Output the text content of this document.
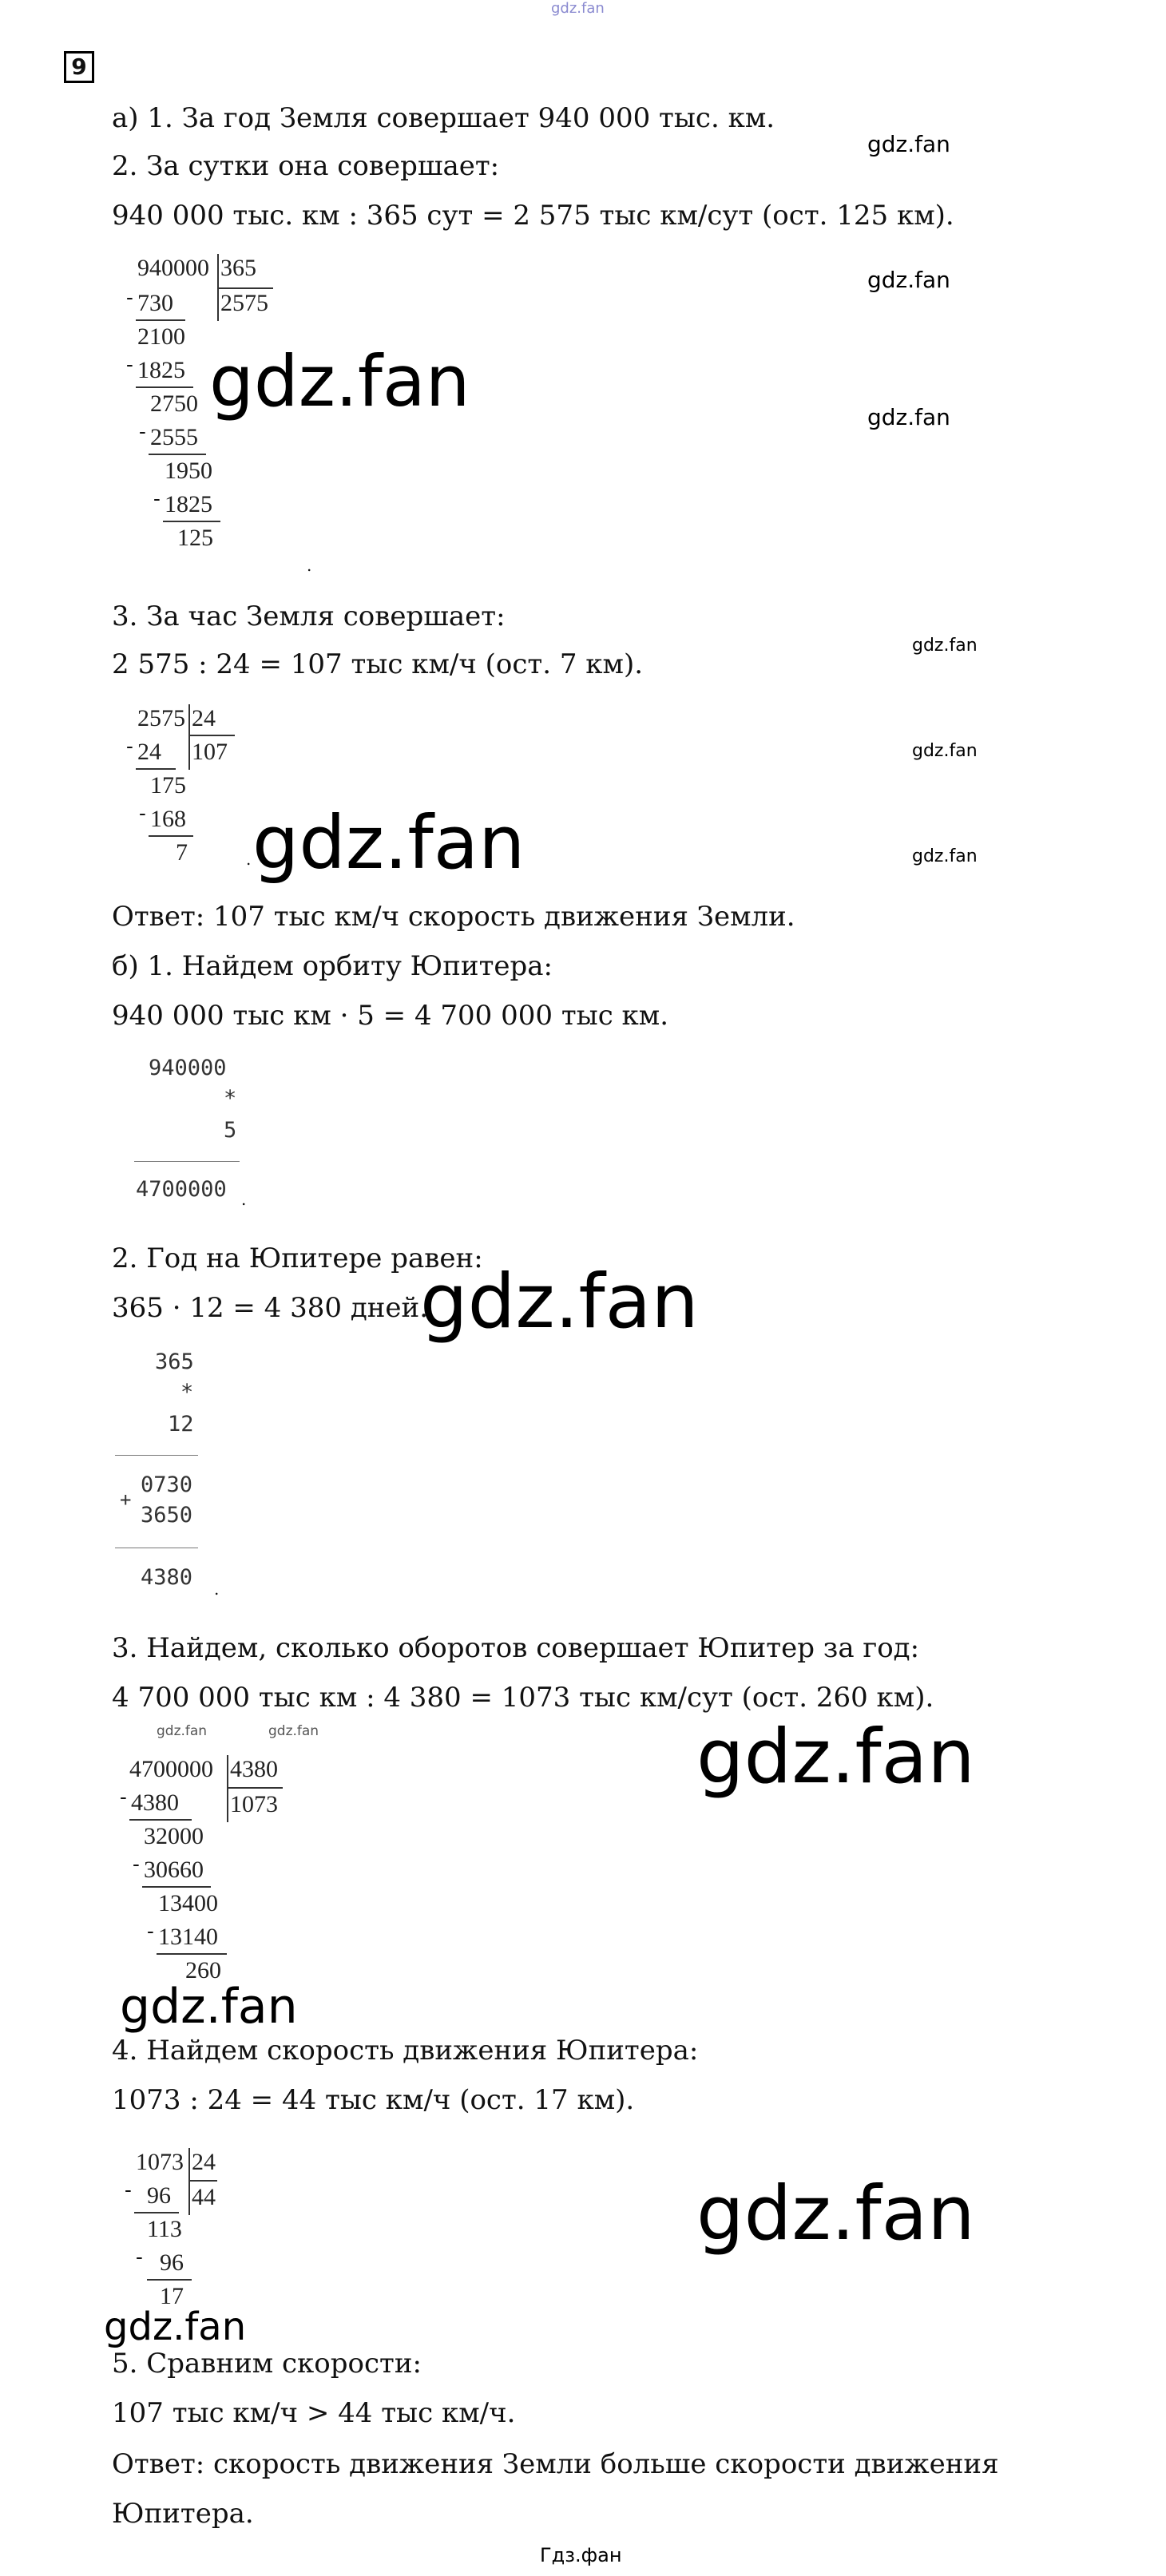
gdz.fan
9
а) 1. За год Земля совершает 940 000 тыс. км.
2. За сутки она совершает:
940 000 тыс. км : 365 сут = 2 575 тыс км/сут (ост. 125 км).
940000 365
2575
- 730
2100
- 1825
2750
- 2555
1950
- 1825
125
.
3. За час Земля совершает:
2 575 : 24 = 107 тыс км/ч (ост. 7 км).
2575 24
107
- 24
175
- 168
7	.
Ответ: 107 тыс км/ч скорость движения Земли.
б) 1. Найдем орбиту Юпитера:
940 000 тыс км · 5 = 4 700 000 тыс км.
940000
*
5
4700000 .
2. Год на Юпитере равен:
365 · 12 = 4 380 дней.
365
*
12
0730
+
3650
4380 .
3. Найдем, сколько оборотов совершает Юпитер за год:
4 700 000 тыс км : 4 380 = 1073 тыс км/сут (ост. 260 км).
4700000 4380
1073
- 4380
32000
- 30660
13400
- 13140
260
4. Найдем скорость движения Юпитера:
1073 : 24 = 44 тыс км/ч (ост. 17 км).
1073 24
44
- 96
113
- 96
17
5. Сравним скорости:
107 тыс км/ч > 44 тыс км/ч.
Ответ: скорость движения Земли больше скорости движения
Юпитера.
gdz.fan
gdz.fan
gdz.fan
gdz.fan
gdz.fan
gdz.fan
gdz.fan
gdz.fan
gdz.fan
gdz.fan	gdz.fan	gdz.fan
gdz.fan
gdz.fan
gdz.fan
Гдз.фан
